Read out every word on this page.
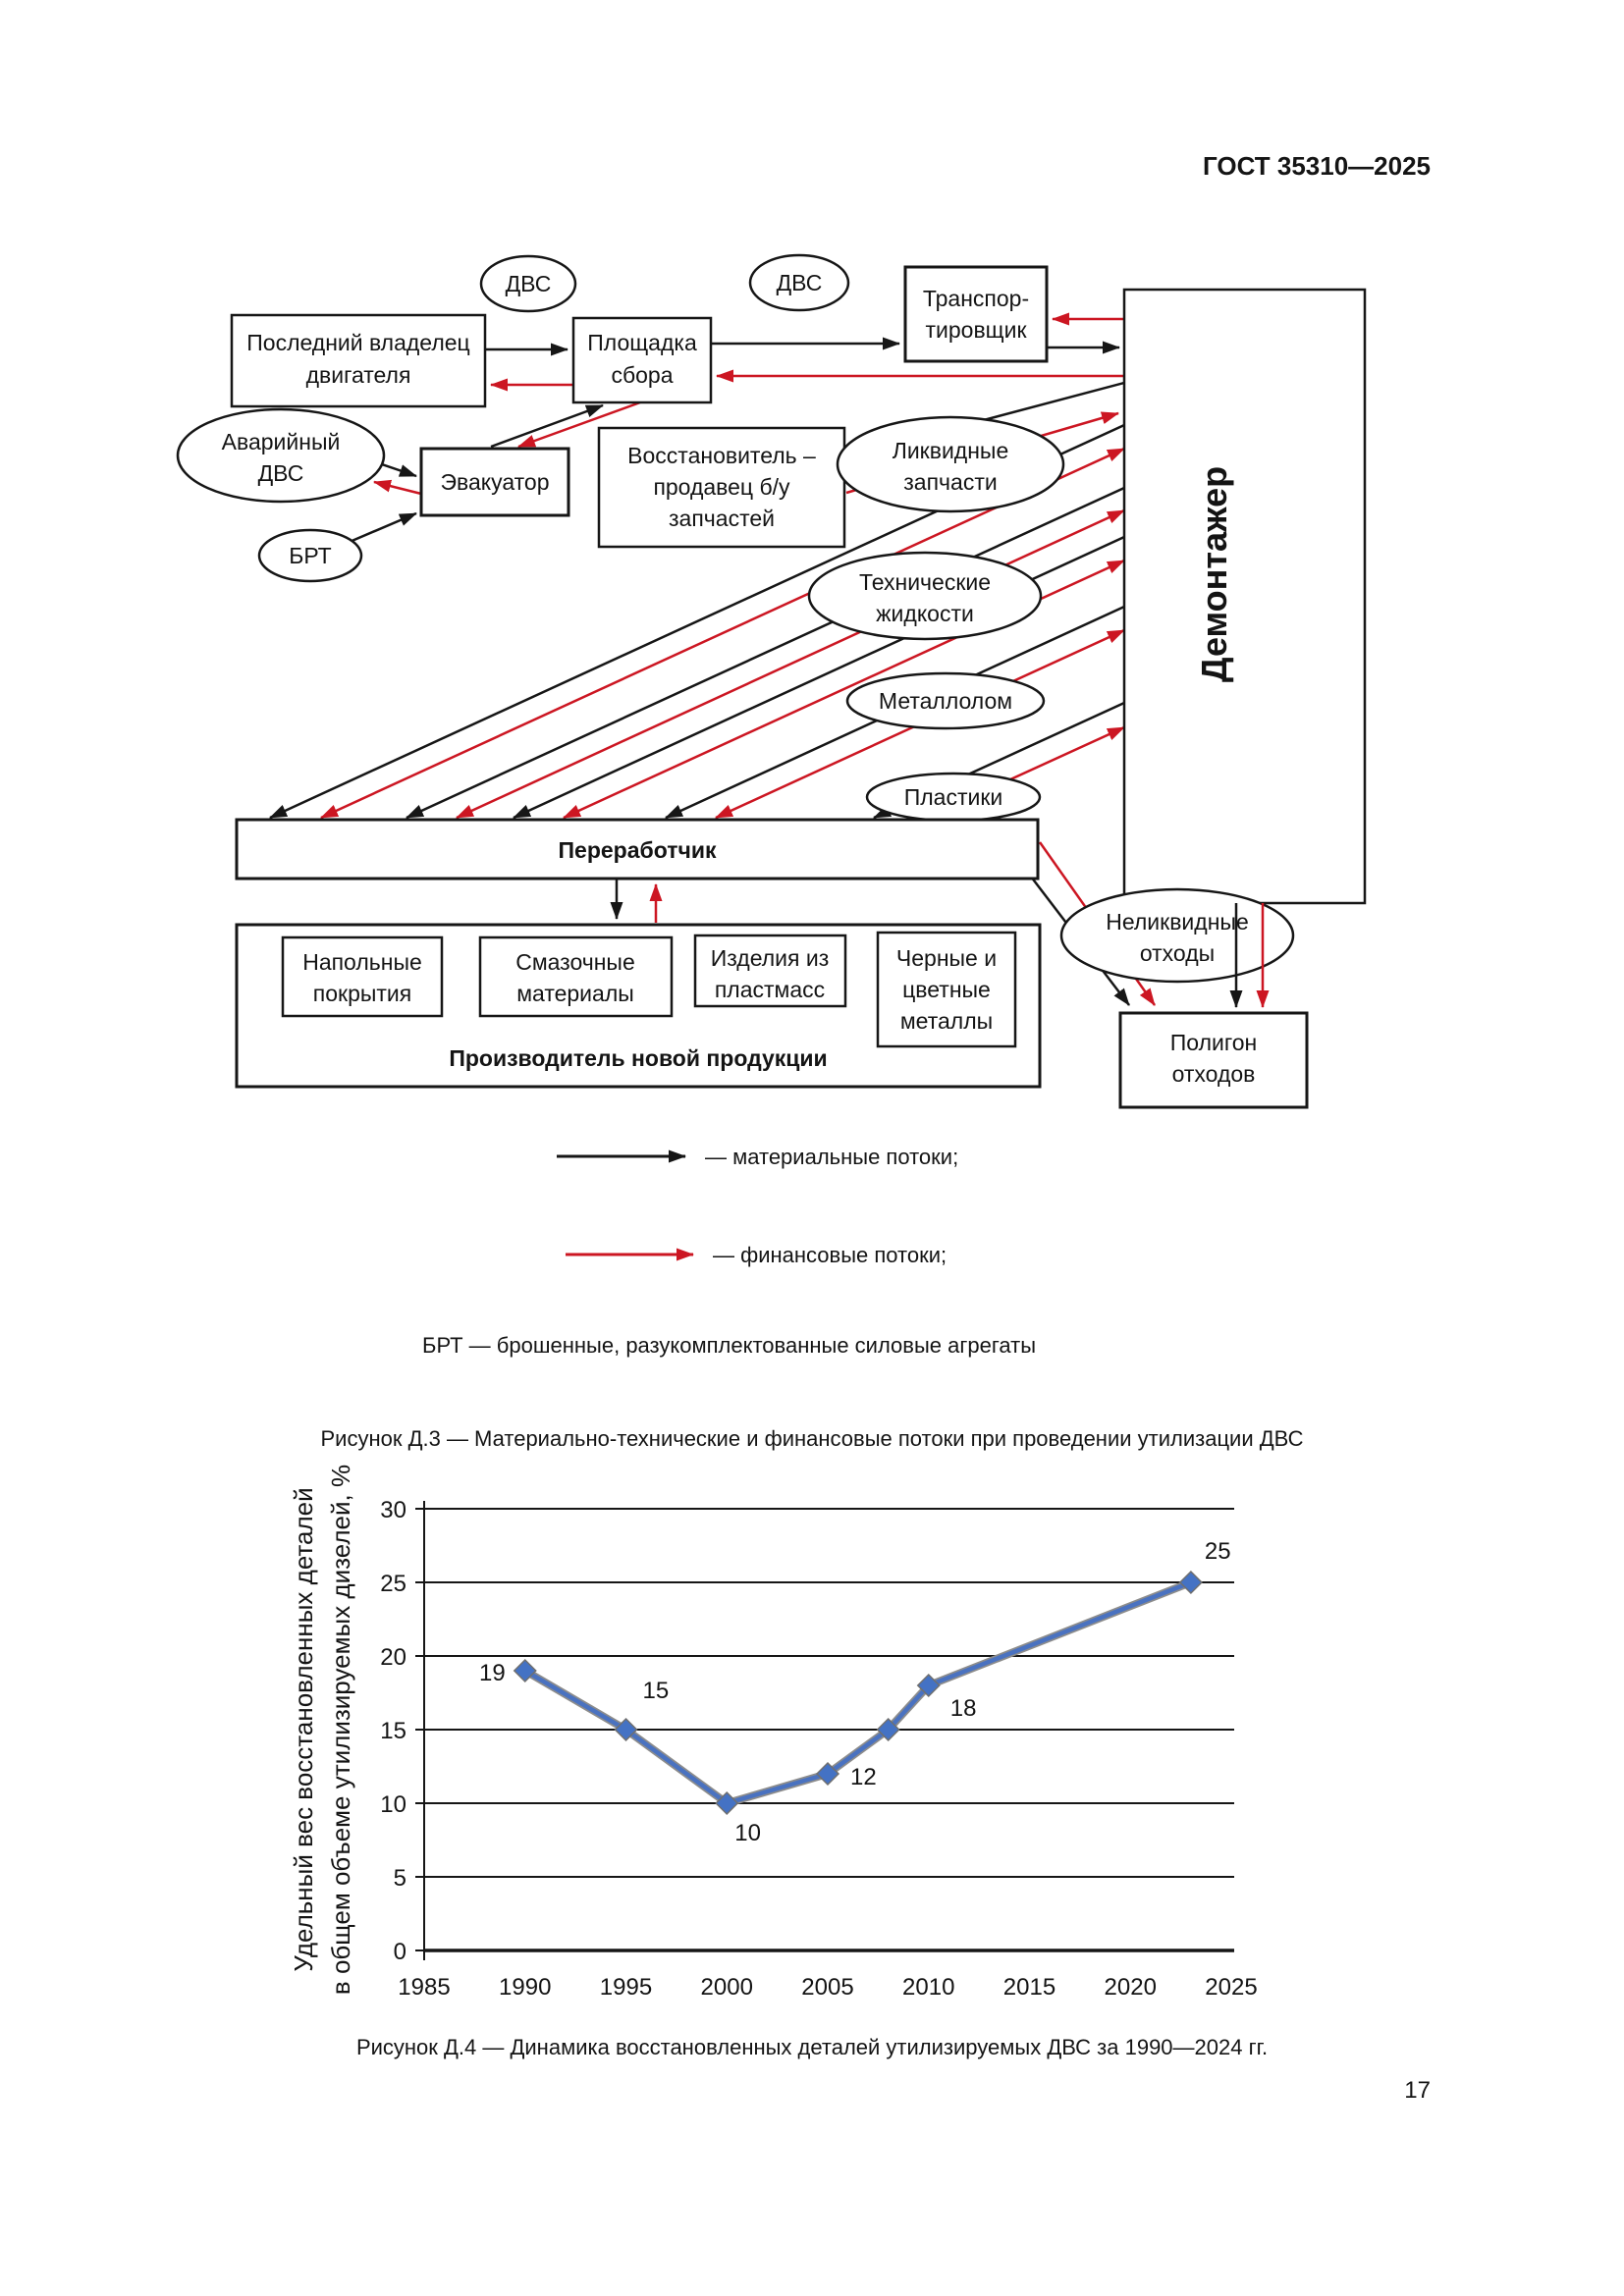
ГОСТ 35310—2025
ДВС	ДВС
Последний владелец
двигателя
Площадка
сбора
Транспор-
тировщик
Демонтажер
Аварийный
ДВС	Эвакуатор
БРТ
Восстановитель –
продавец б/у
запчастей
Ликвидные
запчасти
Технические
жидкости
Металлолом
Пластики
Переработчик
Производитель новой продукции
Напольные
покрытия
Смазочные
материалы
Изделия из
пластмасс
Черные и
цветные
металлы
Неликвидные
отходы
Полигон
отходов
— материальные потоки;
— финансовые потоки;
БРТ — брошенные, разукомплектованные силовые агрегаты
Рисунок Д.3 — Материально-технические и финансовые потоки при проведении утилизации ДВС
Удельный вес восстановленных деталей в общем объеме утилизируемых дизелей, % 0
5
10
15
20
25
30
1985 1990 1995 2000 2005 2010 2015 2020 2025
19
15
10
12
18
25
Рисунок Д.4 — Динамика восстановленных деталей утилизируемых ДВС за 1990—2024 гг.
17
